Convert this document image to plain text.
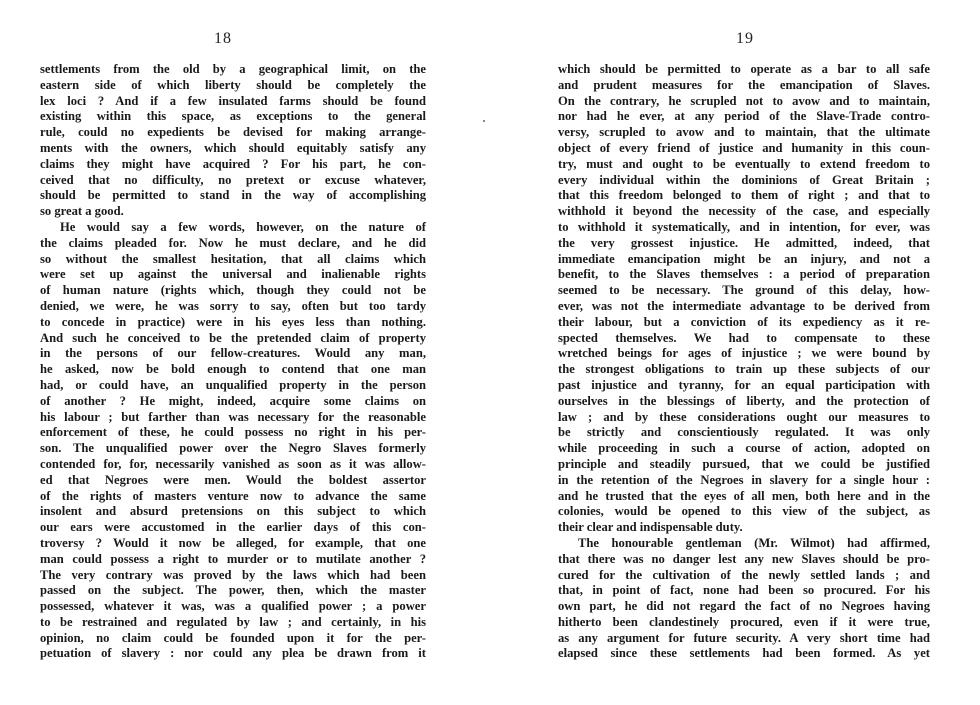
18

settlements from the old by a geographical limit, on the
eastern side of which liberty should be completely the
lex loci ? And if a few insulated farms should be found
existing within this space, as exceptions to the general
rule, could no expedients be devised for making arrange-
ments with the owners, which should equitably satisfy any
claims they might have acquired ? For his part, he con-
ceived that no difficulty, no pretext or excuse whatever,
should be permitted to stand in the way of accomplishing
so great a good.
He would say a few words, however, on the nature of
the claims pleaded for. Now he must declare, and he did
so without the smallest hesitation, that all claims which
were set up against the universal and inalienable rights
of human nature (rights which, though they could not be
denied, we were, he was sorry to say, often but too tardy
to concede in practice) were in his eyes less than nothing.
And such he conceived to be the pretended claim of property
in the persons of our fellow-creatures. Would any man,
he asked, now be bold enough to contend that one man
had, or could have, an unqualified property in the person
of another ? He might, indeed, acquire some claims on
his labour ; but farther than was necessary for the reasonable
enforcement of these, he could possess no right in his per-
son. The unqualified power over the Negro Slaves formerly
contended for, for, necessarily vanished as soon as it was allow-
ed that Negroes were men. Would the boldest assertor
of the rights of masters venture now to advance the same
insolent and absurd pretensions on this subject to which
our ears were accustomed in the earlier days of this con-
troversy ? Would it now be alleged, for example, that one
man could possess a right to murder or to mutilate another ?
The very contrary was proved by the laws which had been
passed on the subject. The power, then, which the master
possessed, whatever it was, was a qualified power ; a power
to be restrained and regulated by law ; and certainly, in his
opinion, no claim could be founded upon it for the per-
petuation of slavery : nor could any plea be drawn from it

19

which should be permitted to operate as a bar to all safe
and prudent measures for the emancipation of Slaves.
On the contrary, he scrupled not to avow and to maintain,
nor had he ever, at any period of the Slave-Trade contro-
versy, scrupled to avow and to maintain, that the ultimate
object of every friend of justice and humanity in this coun-
try, must and ought to be eventually to extend freedom to
every individual within the dominions of Great Britain ;
that this freedom belonged to them of right ; and that to
withhold it beyond the necessity of the case, and especially
to withhold it systematically, and in intention, for ever, was
the very grossest injustice. He admitted, indeed, that
immediate emancipation might be an injury, and not a
benefit, to the Slaves themselves : a period of preparation
seemed to be necessary. The ground of this delay, how-
ever, was not the intermediate advantage to be derived from
their labour, but a conviction of its expediency as it re-
spected themselves. We had to compensate to these
wretched beings for ages of injustice ; we were bound by
the strongest obligations to train up these subjects of our
past injustice and tyranny, for an equal participation with
ourselves in the blessings of liberty, and the protection of
law ; and by these considerations ought our measures to
be strictly and conscientiously regulated. It was only
while proceeding in such a course of action, adopted on
principle and steadily pursued, that we could be justified
in the retention of the Negroes in slavery for a single hour :
and he trusted that the eyes of all men, both here and in the
colonies, would be opened to this view of the subject, as
their clear and indispensable duty.
The honourable gentleman (Mr. Wilmot) had affirmed,
that there was no danger lest any new Slaves should be pro-
cured for the cultivation of the newly settled lands ; and
that, in point of fact, none had been so procured. For his
own part, he did not regard the fact of no Negroes having
hitherto been clandestinely procured, even if it were true,
as any argument for future security. A very short time had
elapsed since these settlements had been formed. As yet
